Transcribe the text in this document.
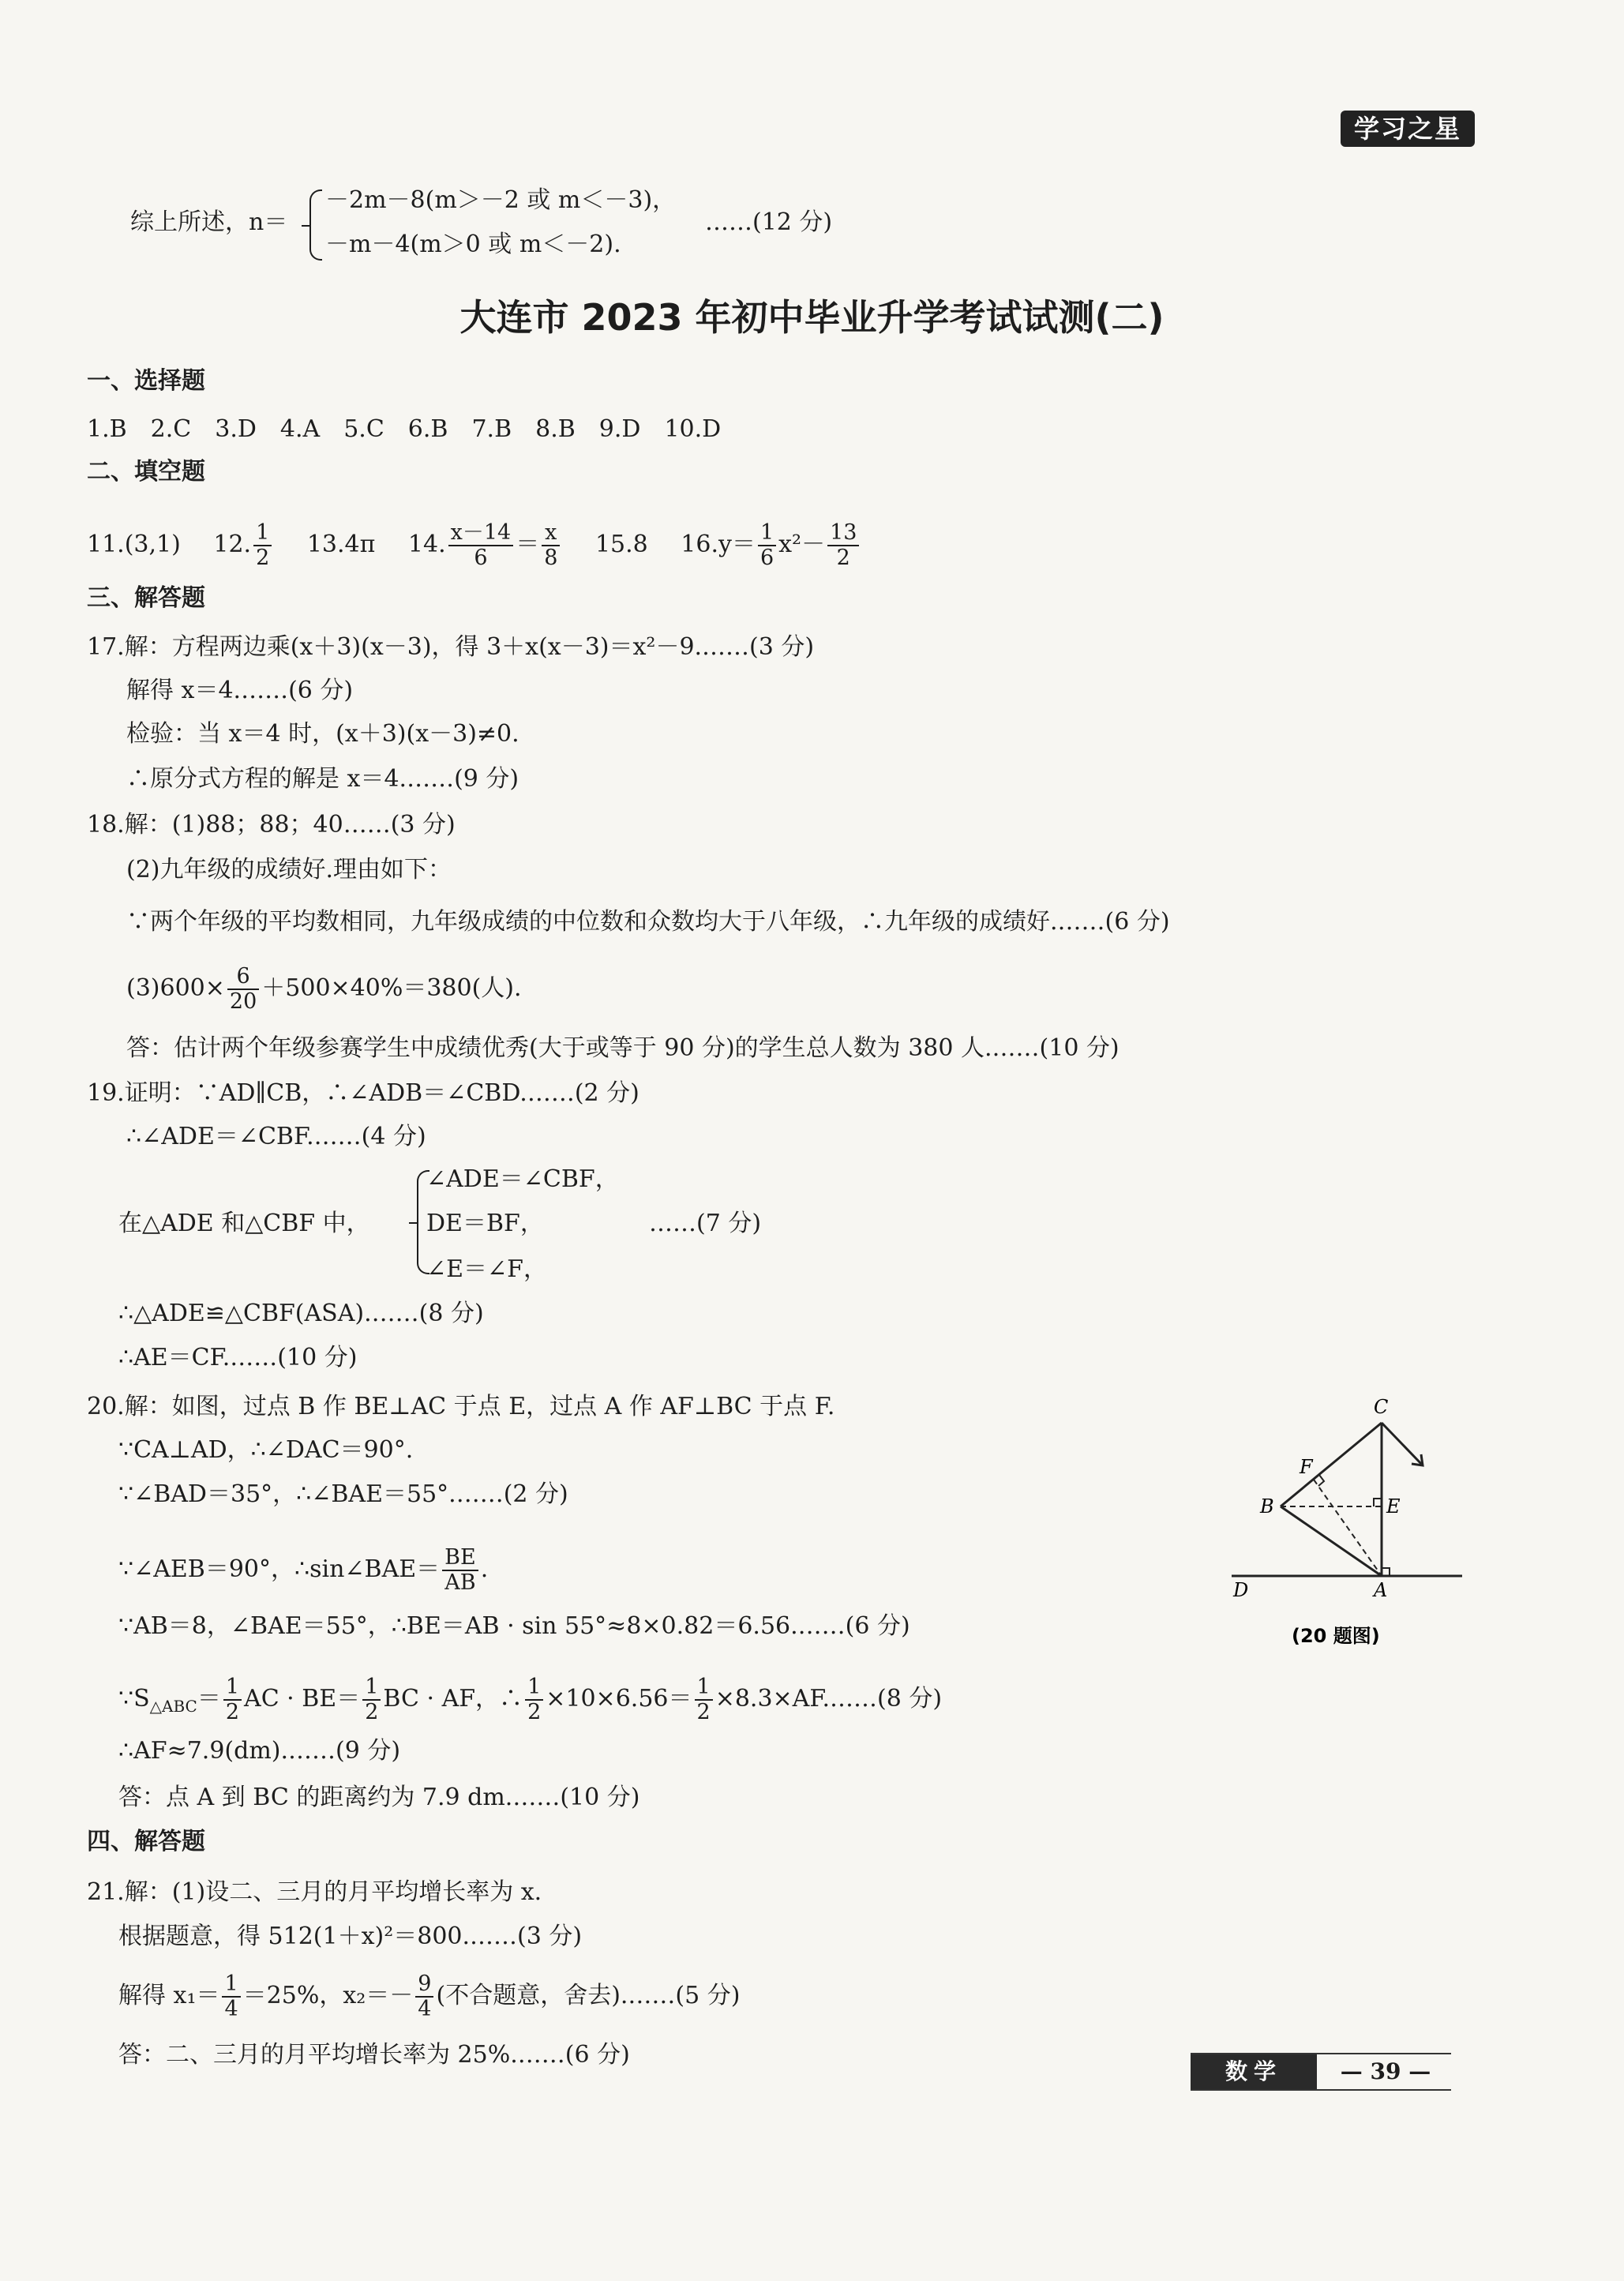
学习之星
综上所述，n＝
－2m－8(m＞－2 或 m＜－3)，
－m－4(m＞0 或 m＜－2).
……(12 分)
大连市 2023 年初中毕业升学考试试测(二)
一、选择题
1.B　2.C　3.D　4.A　5.C　6.B　7.B　8.B　9.D　10.D
二、填空题
11.(3,1) 12. $\frac{1}{2} 13.4\pi$ 14. $\frac{x-14}{6} = \frac{x}{8} 15.8$ $16.y= \frac{1}{6} x^2- \frac{13}{2}$
三、解答题
17.解：方程两边乘(x＋3)(x－3)，得 3＋x(x－3)＝x²－9.……(3 分)
解得 x＝4.……(6 分)
检验：当 x＝4 时，(x＋3)(x－3)≠0.
∴原分式方程的解是 x＝4.……(9 分)
18.解：(1)88；88；40……(3 分)
(2)九年级的成绩好.理由如下：
∵两个年级的平均数相同，九年级成绩的中位数和众数均大于八年级，∴九年级的成绩好.……(6 分)
$(3)600\times \frac{6}{20} +500\times 40\%=380$(人).
答：估计两个年级参赛学生中成绩优秀(大于或等于 90 分)的学生总人数为 380 人.……(10 分)
19.证明：∵AD∥CB，∴∠ADB＝∠CBD.……(2 分)
∴∠ADE＝∠CBF.……(4 分)
在△ADE 和△CBF 中，
∠ADE＝∠CBF，
DE＝BF，
∠E＝∠F，
……(7 分)
∴△ADE≌△CBF(ASA).……(8 分)
∴AE＝CF.……(10 分)
20.解：如图，过点 B 作 BE⊥AC 于点 E，过点 A 作 AF⊥BC 于点 F.
∵CA⊥AD，∴∠DAC＝90°.
∵∠BAD＝35°，∴∠BAE＝55°.……(2 分)
∵∠AEB＝90°，∴sin∠BAE＝ $\frac{BE}{AB}$ .
∵AB＝8，∠BAE＝55°，∴BE＝AB · sin 55°≈8×0.82＝6.56.……(6 分)
$\because S_{\triangle ABC}= \frac{1}{2}$ AC · $BE= \frac{1}{2}$ BC · AF，∴ $\frac{1}{2} \times 10\times 6.56= \frac{1}{2}$ ×8.3×AF.……(8 分)
∴AF≈7.9(dm).……(9 分)
答：点 A 到 BC 的距离约为 7.9 dm.……(10 分)
C
F
B	E
D	A
(20 题图)
四、解答题
21.解：(1)设二、三月的月平均增长率为 x.
根据题意，得 512(1＋x)²＝800.……(3 分)
解得 $x_1= \frac{1}{4} =25\%$，$x_2=- \frac{9}{4}$ (不合题意，舍去).……(5 分)
答：二、三月的月平均增长率为 25%.……(6 分)
数学	— 39 —
